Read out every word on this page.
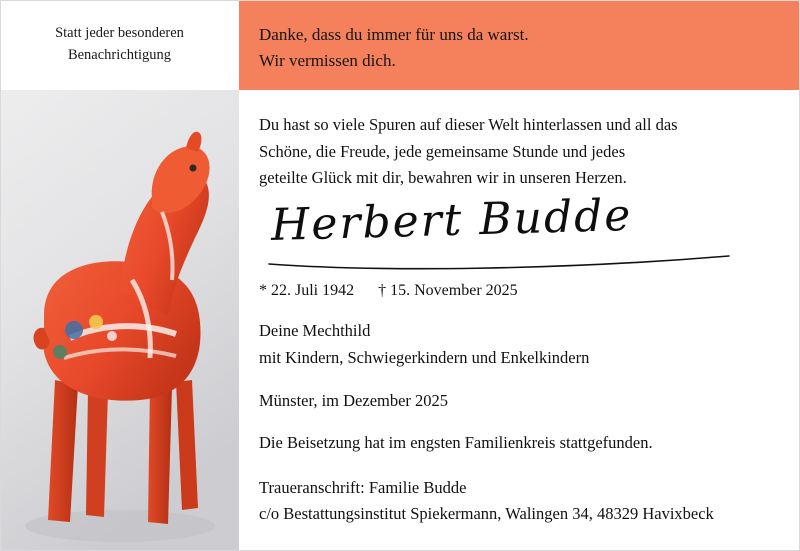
Statt jeder besonderen
Benachrichtigung
Danke, dass du immer für uns da warst.
Wir vermissen dich.
Du hast so viele Spuren auf dieser Welt hinterlassen und all das
Schöne, die Freude, jede gemeinsame Stunde und jedes
geteilte Glück mit dir, bewahren wir in unseren Herzen.
Herbert Budde
* 22. Juli 1942 † 15. November 2025
Deine Mechthild
mit Kindern, Schwiegerkindern und Enkelkindern
Münster, im Dezember 2025
Die Beisetzung hat im engsten Familienkreis stattgefunden.
Traueranschrift: Familie Budde
c/o Bestattungsinstitut Spiekermann, Walingen 34, 48329 Havixbeck
